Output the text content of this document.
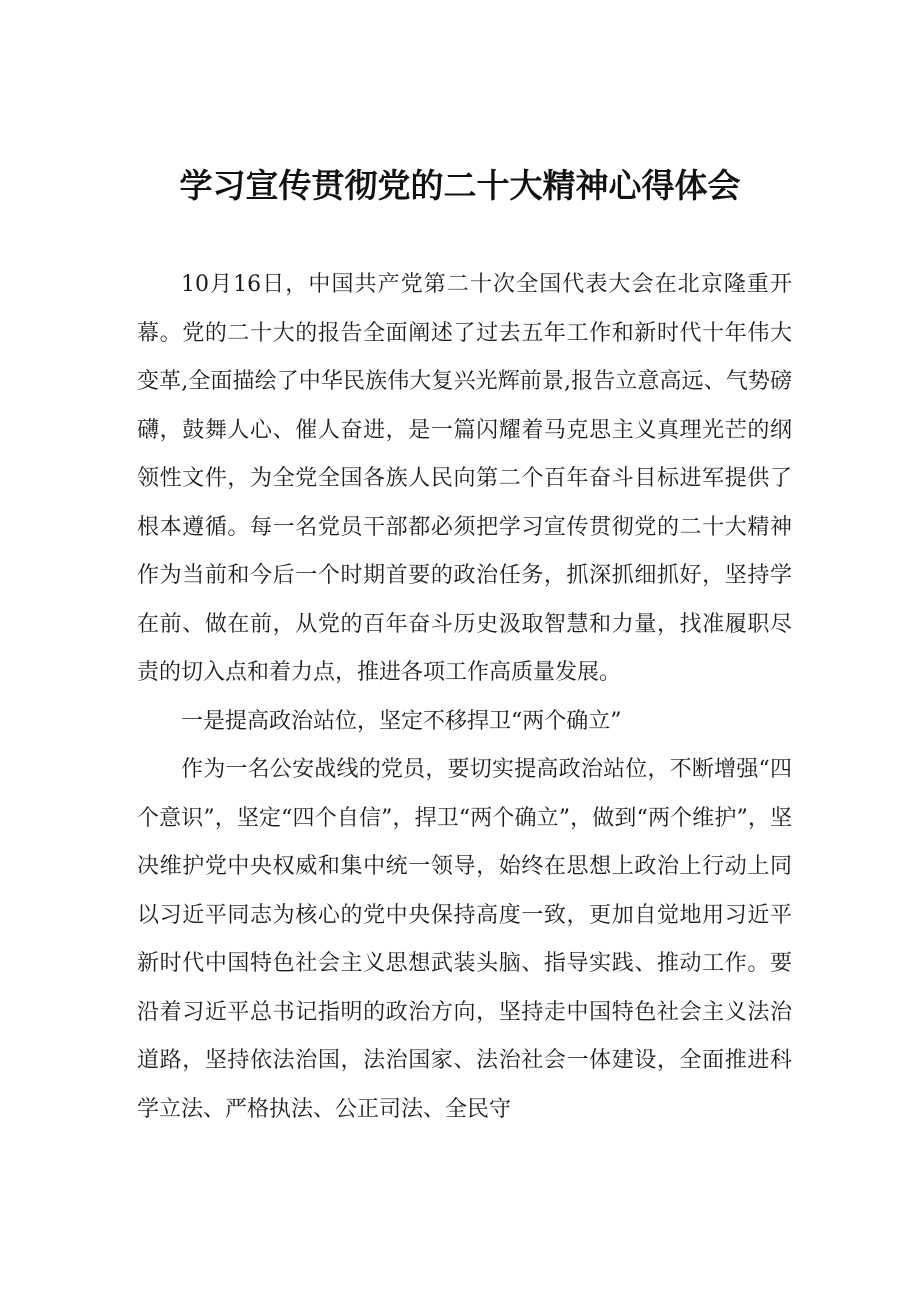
学习宣传贯彻党的二十大精神心得体会

10月16日，中国共产党第二十次全国代表大会在北京隆重开幕。党的二十大的报告全面阐述了过去五年工作和新时代十年伟大变革,全面描绘了中华民族伟大复兴光辉前景,报告立意高远、气势磅礴，鼓舞人心、催人奋进，是一篇闪耀着马克思主义真理光芒的纲领性文件，为全党全国各族人民向第二个百年奋斗目标进军提供了根本遵循。每一名党员干部都必须把学习宣传贯彻党的二十大精神作为当前和今后一个时期首要的政治任务，抓深抓细抓好，坚持学在前、做在前，从党的百年奋斗历史汲取智慧和力量，找准履职尽责的切入点和着力点，推进各项工作高质量发展。

一是提高政治站位，坚定不移捍卫“两个确立”

作为一名公安战线的党员，要切实提高政治站位，不断增强“四个意识”，坚定“四个自信”，捍卫“两个确立”，做到“两个维护”，坚决维护党中央权威和集中统一领导，始终在思想上政治上行动上同以习近平同志为核心的党中央保持高度一致，更加自觉地用习近平新时代中国特色社会主义思想武装头脑、指导实践、推动工作。要沿着习近平总书记指明的政治方向，坚持走中国特色社会主义法治道路，坚持依法治国，法治国家、法治社会一体建设，全面推进科学立法、严格执法、公正司法、全民守
